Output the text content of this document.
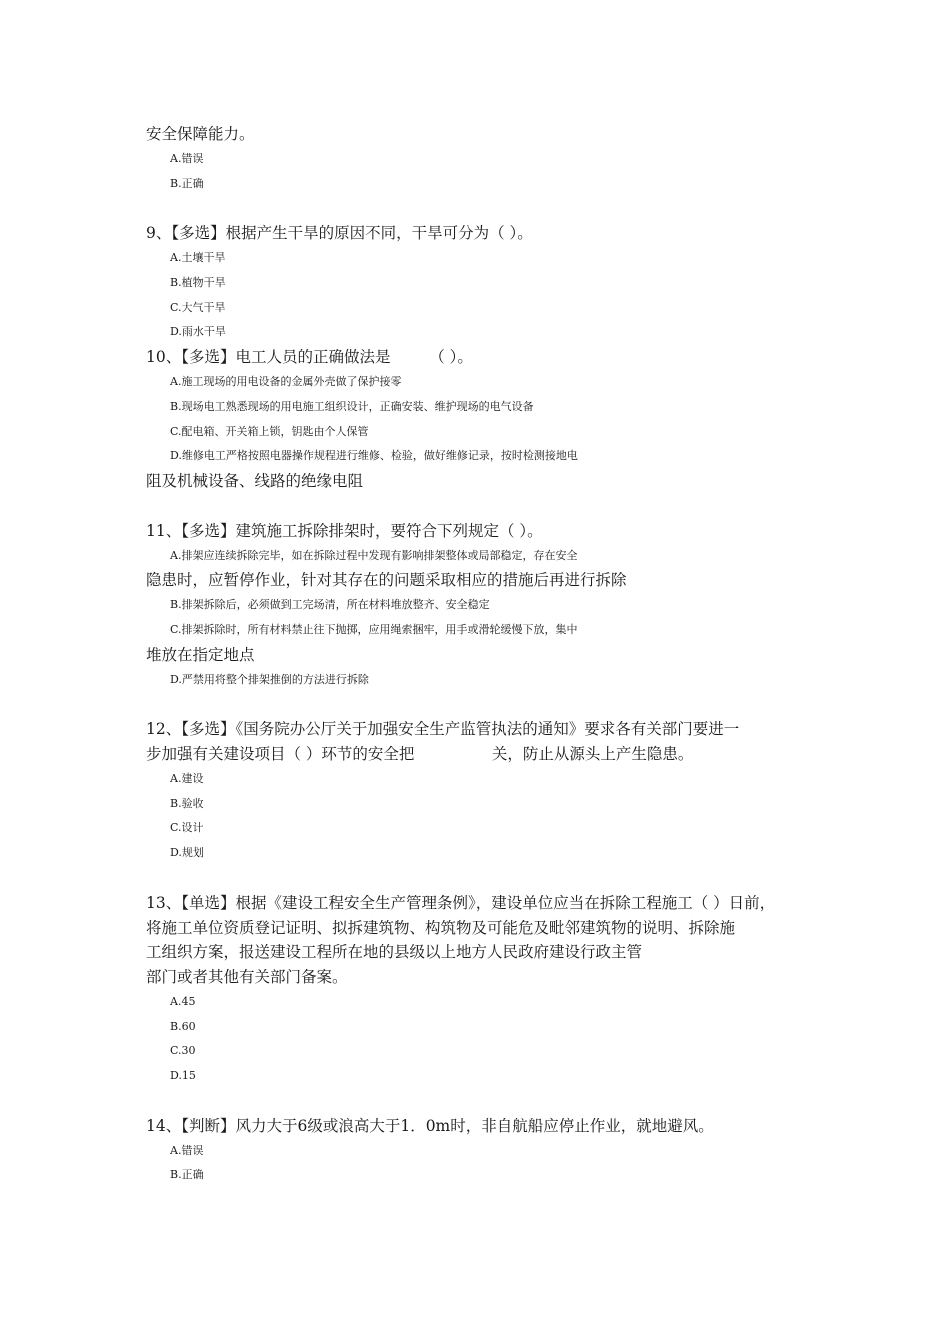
安全保障能力。
A.错误
B.正确
9、【多选】根据产生干旱的原因不同，干旱可分为（ ）。
A.土壤干旱
B.植物干旱
C.大气干旱
D.雨水干旱
10、【多选】电工人员的正确做法是　　　（ ）。
A.施工现场的用电设备的金属外壳做了保护接零
B.现场电工熟悉现场的用电施工组织设计，正确安装、维护现场的电气设备
C.配电箱、开关箱上锁，钥匙由个人保管
D.维修电工严格按照电器操作规程进行维修、检验，做好维修记录，按时检测接地电
阻及机械设备、线路的绝缘电阻
11、【多选】建筑施工拆除排架时，要符合下列规定（ ）。
A.排架应连续拆除完毕，如在拆除过程中发现有影响排架整体或局部稳定，存在安全
隐患时，应暂停作业，针对其存在的问题采取相应的措施后再进行拆除
B.排架拆除后，必须做到工完场清，所在材料堆放整齐、安全稳定
C.排架拆除时，所有材料禁止往下抛掷，应用绳索捆牢，用手或滑轮缓慢下放，集中
堆放在指定地点
D.严禁用将整个排架推倒的方法进行拆除
12、【多选】《国务院办公厅关于加强安全生产监管执法的通知》要求各有关部门要进一
步加强有关建设项目（ ）环节的安全把　　　　　关，防止从源头上产生隐患。
A.建设
B.验收
C.设计
D.规划
13、【单选】根据《建设工程安全生产管理条例》，建设单位应当在拆除工程施工（ ）日前，
将施工单位资质登记证明、拟拆建筑物、构筑物及可能危及毗邻建筑物的说明、拆除施
工组织方案，报送建设工程所在地的县级以上地方人民政府建设行政主管
部门或者其他有关部门备案。
A.45
B.60
C.30
D.15
14、【判断】风力大于6级或浪高大于1．0m时，非自航船应停止作业，就地避风。
A.错误
B.正确
